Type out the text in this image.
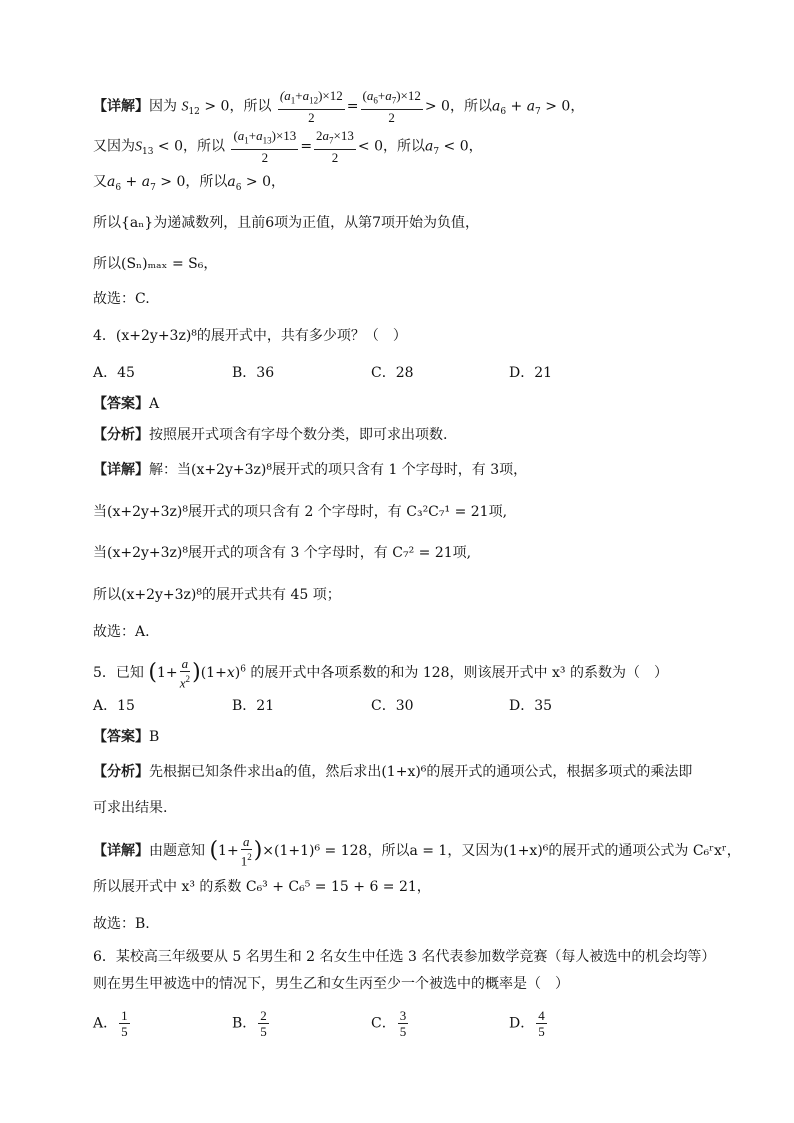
【详解】因为 $S_{12} > 0$，所以 $\frac{(a_1+a_{12})\times 12}{2} = \frac{(a_6+a_7)\times 12}{2} > 0$，所以$a_6 + a_7 > 0$，
又因为$S_{13} < 0$，所以 $\frac{(a_1+a_{13})\times 13}{2} = \frac{2a_7\times 13}{2} < 0$，所以$a_7 < 0$，
又$a_6 + a_7 > 0$，所以$a_6 > 0$，
所以{aₙ}为递减数列，且前6项为正值，从第7项开始为负值，
所以(Sₙ)ₘₐₓ = S₆，
故选：C.
4．(x+2y+3z)⁸的展开式中，共有多少项？（　）
A．45	B．36	C．28	D．21
【答案】A
【分析】按照展开式项含有字母个数分类，即可求出项数.
【详解】解：当(x+2y+3z)⁸展开式的项只含有 1 个字母时，有 3项，
当(x+2y+3z)⁸展开式的项只含有 2 个字母时，有 C₃²C₇¹ = 21项,
当(x+2y+3z)⁸展开式的项含有 3 个字母时，有 C₇² = 21项,
所以(x+2y+3z)⁸的展开式共有 45 项；
故选：A.
5．已知 $(1+ \frac{a}{x^2} )(1+x)^6$ 的展开式中各项系数的和为 128，则该展开式中 x³ 的系数为（　）
A．15	B．21	C．30	D．35
【答案】B
【分析】先根据已知条件求出a的值，然后求出(1+x)⁶的展开式的通项公式，根据多项式的乘法即
可求出结果.
【详解】由题意知 $(1+ \frac{a}{1^2} )\times(1+1)^6 = 128$，所以a = 1，又因为(1+x)⁶的展开式的通项公式为 C₆ʳxʳ，
所以展开式中 x³ 的系数 C₆³ + C₆⁵ = 15 + 6 = 21，
故选：B.
6．某校高三年级要从 5 名男生和 2 名女生中任选 3 名代表参加数学竞赛（每人被选中的机会均等）
则在男生甲被选中的情况下，男生乙和女生丙至少一个被选中的概率是（　）
A． $\frac{1}{5}$	B． $\frac{2}{5}$	C． $\frac{3}{5}$	D． $\frac{4}{5}$
